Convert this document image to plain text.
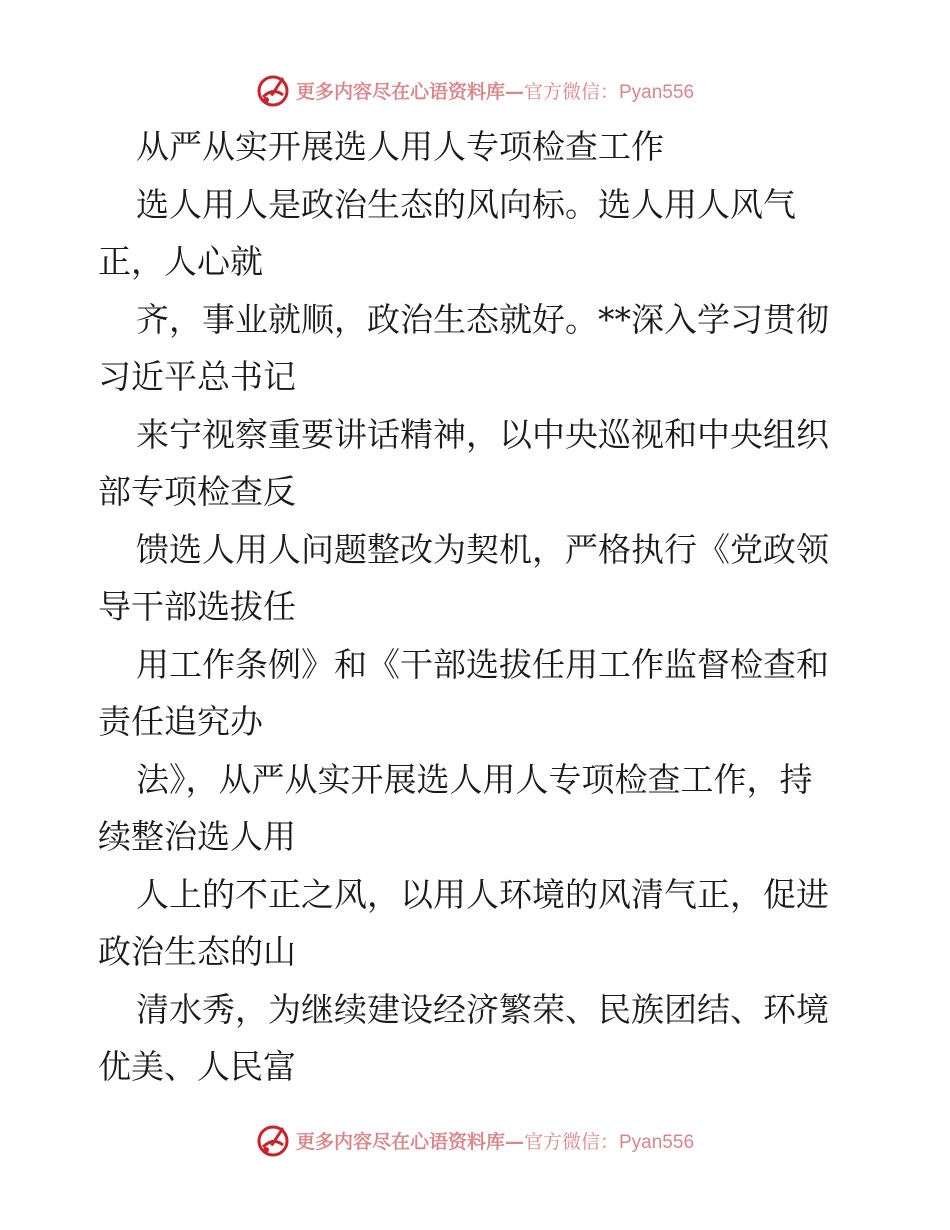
更多内容尽在心语资料库—官方微信：Pyan556
从严从实开展选人用人专项检查工作
选人用人是政治生态的风向标。选人用人风气
正，人心就
齐，事业就顺，政治生态就好。**深入学习贯彻
习近平总书记
来宁视察重要讲话精神，以中央巡视和中央组织
部专项检查反
馈选人用人问题整改为契机，严格执行《党政领
导干部选拔任
用工作条例》和《干部选拔任用工作监督检查和
责任追究办
法》，从严从实开展选人用人专项检查工作，持
续整治选人用
人上的不正之风，以用人环境的风清气正，促进
政治生态的山
清水秀，为继续建设经济繁荣、民族团结、环境
优美、人民富
更多内容尽在心语资料库—官方微信：Pyan556
